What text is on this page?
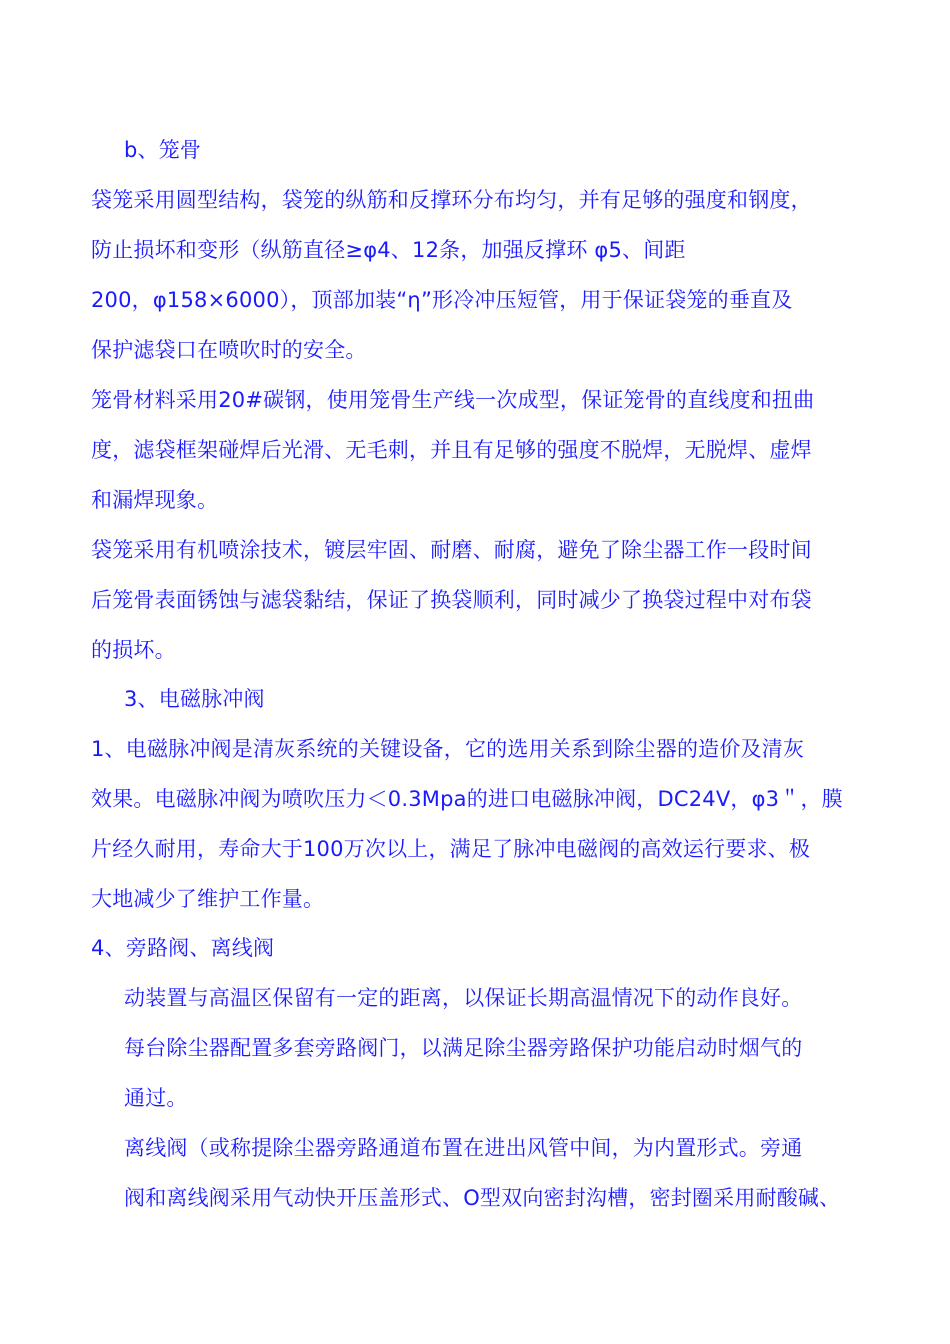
b、笼骨
袋笼采用圆型结构，袋笼的纵筋和反撑环分布均匀，并有足够的强度和钢度，
防止损坏和变形（纵筋直径≥φ4、12条，加强反撑环 φ5、间距
200，φ158×6000），顶部加装“η”形冷冲压短管，用于保证袋笼的垂直及
保护滤袋口在喷吹时的安全。
笼骨材料采用20#碳钢，使用笼骨生产线一次成型，保证笼骨的直线度和扭曲
度，滤袋框架碰焊后光滑、无毛刺，并且有足够的强度不脱焊，无脱焊、虚焊
和漏焊现象。
袋笼采用有机喷涂技术，镀层牢固、耐磨、耐腐，避免了除尘器工作一段时间
后笼骨表面锈蚀与滤袋黏结，保证了换袋顺利，同时减少了换袋过程中对布袋
的损坏。
3、电磁脉冲阀
1、电磁脉冲阀是清灰系统的关键设备，它的选用关系到除尘器的造价及清灰
效果。电磁脉冲阀为喷吹压力＜0.3Mpa的进口电磁脉冲阀，DC24V，φ3＂，膜
片经久耐用，寿命大于100万次以上，满足了脉冲电磁阀的高效运行要求、极
大地减少了维护工作量。
4、旁路阀、离线阀
动装置与高温区保留有一定的距离，以保证长期高温情况下的动作良好。
每台除尘器配置多套旁路阀门，以满足除尘器旁路保护功能启动时烟气的
通过。
离线阀（或称提除尘器旁路通道布置在进出风管中间，为内置形式。旁通
阀和离线阀采用气动快开压盖形式、O型双向密封沟槽，密封圈采用耐酸碱、
